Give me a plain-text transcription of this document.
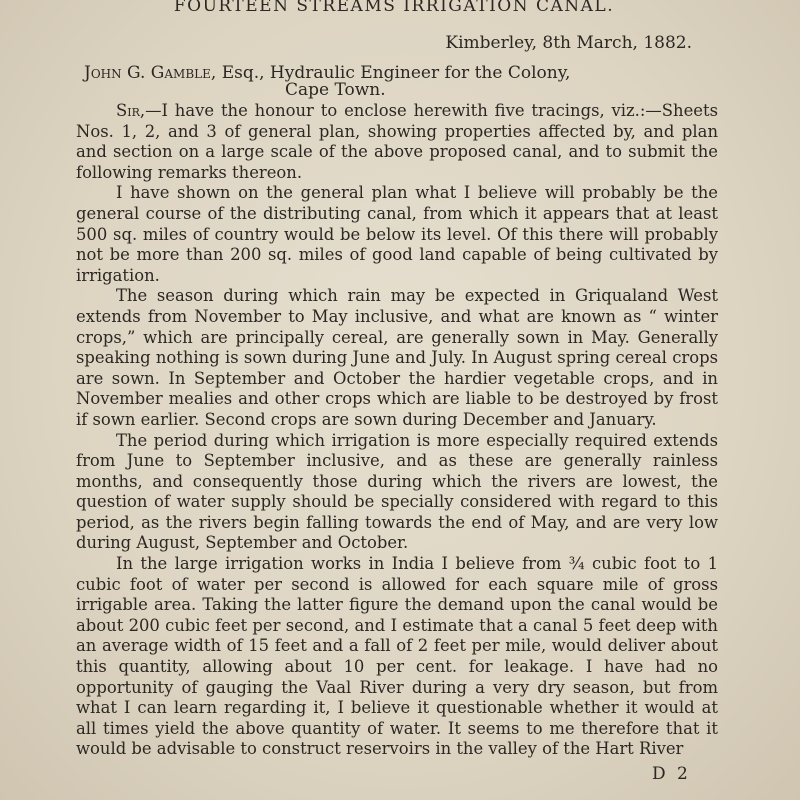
FOURTEEN STREAMS IRRIGATION CANAL.
Kimberley, 8th March, 1882.
John G. Gamble, Esq., Hydraulic Engineer for the Colony,
Cape Town.

Sir,—I have the honour to enclose herewith five tracings, viz.:—Sheets Nos. 1, 2, and 3 of general plan, showing properties affected by, and plan and section on a large scale of the above proposed canal, and to submit the following remarks thereon.

I have shown on the general plan what I believe will probably be the general course of the distributing canal, from which it appears that at least 500 sq. miles of country would be below its level. Of this there will probably not be more than 200 sq. miles of good land capable of being cultivated by irrigation.

The season during which rain may be expected in Griqualand West extends from November to May inclusive, and what are known as “ winter crops,” which are principally cereal, are generally sown in May. Generally speaking nothing is sown during June and July. In August spring cereal crops are sown. In September and October the hardier vegetable crops, and in November mealies and other crops which are liable to be destroyed by frost if sown earlier. Second crops are sown during December and January.

The period during which irrigation is more especially required extends from June to September inclusive, and as these are generally rainless months, and consequently those during which the rivers are lowest, the question of water supply should be specially considered with regard to this period, as the rivers begin falling towards the end of May, and are very low during August, September and October.

In the large irrigation works in India I believe from ¾ cubic foot to 1 cubic foot of water per second is allowed for each square mile of gross irrigable area. Taking the latter figure the demand upon the canal would be about 200 cubic feet per second, and I estimate that a canal 5 feet deep with an average width of 15 feet and a fall of 2 feet per mile, would deliver about this quantity, allowing about 10 per cent. for leakage. I have had no opportunity of gauging the Vaal River during a very dry season, but from what I can learn regarding it, I believe it questionable whether it would at all times yield the above quantity of water. It seems to me therefore that it would be advisable to construct reservoirs in the valley of the Hart River

D 2
